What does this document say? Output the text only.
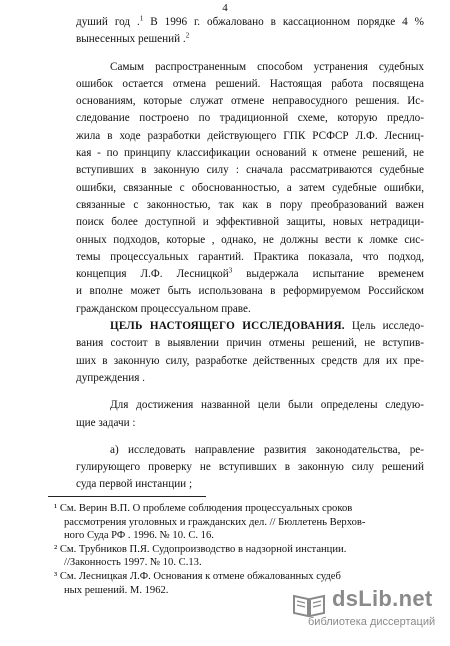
4
душий год .$^1$ В 1996 г. обжаловано в кассационном порядке 4 %
вынесенных решений .$^2$
Самым распространенным способом устранения судебных
ошибок остается отмена решений. Настоящая работа посвящена
основаниям, которые служат отмене неправосудного решения. Ис-
следование построено по традиционной схеме, которую предло-
жила в ходе разработки действующего ГПК РСФСР Л.Ф. Лесниц-
кая - по принципу классификации оснований к отмене решений, не
вступивших в законную силу : сначала рассматриваются судебные
ошибки, связанные с обоснованностью, а затем судебные ошибки,
связанные с законностью, так как в пору преобразований важен
поиск более доступной и эффективной защиты, новых нетрадици-
онных подходов, которые , однако, не должны вести к ломке сис-
темы процессуальных гарантий. Практика показала, что подход,
концепция Л.Ф. Лесницкой$^3$ выдержала испытание временем
и вполне может быть использована в реформируемом Российском
гражданском процессуальном праве.
ЦЕЛЬ НАСТОЯЩЕГО ИССЛЕДОВАНИЯ. Цель исследо-
вания состоит в выявлении причин отмены решений, не вступив-
ших в законную силу, разработке действенных средств для их пре-
дупреждения .
Для достижения названной цели были определены следую-
щие задачи :
а) исследовать направление развития законодательства, ре-
гулирующего проверку не вступивших в законную силу решений
суда первой инстанции ;
¹ См. Верин В.П. О проблеме соблюдения процессуальных сроков
рассмотрения уголовных и гражданских дел. // Бюллетень Верхов-
ного Суда РФ . 1996. № 10. С. 16.
² См. Трубников П.Я. Судопроизводство в надзорной инстанции.
//Законность 1997. № 10. С.13.
³ См. Лесницкая Л.Ф. Основания к отмене обжалованных судеб
ных решений. М. 1962.	dsLib.net
библиотека диссертаций
